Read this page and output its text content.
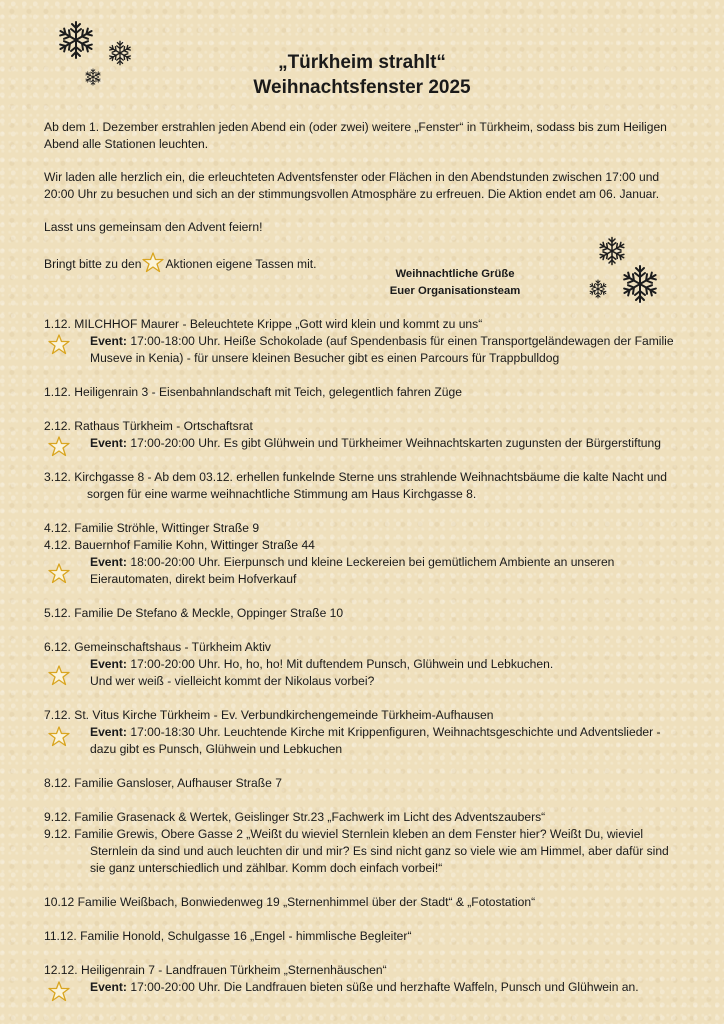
„Türkheim strahlt“
Weihnachtsfenster 2025

Ab dem 1. Dezember erstrahlen jeden Abend ein (oder zwei) weitere „Fenster“ in Türkheim, sodass bis zum Heiligen Abend alle Stationen leuchten.

Wir laden alle herzlich ein, die erleuchteten Adventsfenster oder Flächen in den Abendstunden zwischen 17:00 und 20:00 Uhr zu besuchen und sich an der stimmungsvollen Atmosphäre zu erfreuen. Die Aktion endet am 06. Januar.

Lasst uns gemeinsam den Advent feiern!

Bringt bitte zu den Aktionen eigene Tassen mit.

Weihnachtliche Grüße
Euer Organisationsteam
1.12. MILCHHOF Maurer - Beleuchtete Krippe „Gott wird klein und kommt zu uns“
Event: 17:00-18:00 Uhr. Heiße Schokolade (auf Spendenbasis für einen Transportgeländewagen der Familie Museve in Kenia) - für unsere kleinen Besucher gibt es einen Parcours für Trappbulldog
1.12. Heiligenrain 3 - Eisenbahnlandschaft mit Teich, gelegentlich fahren Züge
2.12. Rathaus Türkheim - Ortschaftsrat
Event: 17:00-20:00 Uhr. Es gibt Glühwein und Türkheimer Weihnachtskarten zugunsten der Bürgerstiftung
3.12. Kirchgasse 8 - Ab dem 03.12. erhellen funkelnde Sterne uns strahlende Weihnachtsbäume die kalte Nacht und sorgen für eine warme weihnachtliche Stimmung am Haus Kirchgasse 8.
4.12. Familie Ströhle, Wittinger Straße 9
4.12. Bauernhof Familie Kohn, Wittinger Straße 44
Event: 18:00-20:00 Uhr. Eierpunsch und kleine Leckereien bei gemütlichem Ambiente an unseren Eierautomaten, direkt beim Hofverkauf
5.12. Familie De Stefano & Meckle, Oppinger Straße 10
6.12. Gemeinschaftshaus - Türkheim Aktiv
Event: 17:00-20:00 Uhr. Ho, ho, ho! Mit duftendem Punsch, Glühwein und Lebkuchen.
Und wer weiß - vielleicht kommt der Nikolaus vorbei?
7.12. St. Vitus Kirche Türkheim - Ev. Verbundkirchengemeinde Türkheim-Aufhausen
Event: 17:00-18:30 Uhr. Leuchtende Kirche mit Krippenfiguren, Weihnachtsgeschichte und Adventslieder - dazu gibt es Punsch, Glühwein und Lebkuchen
8.12. Familie Gansloser, Aufhauser Straße 7
9.12. Familie Grasenack & Wertek, Geislinger Str.23 „Fachwerk im Licht des Adventszaubers“
9.12. Familie Grewis, Obere Gasse 2 „Weißt du wieviel Sternlein kleben an dem Fenster hier? Weißt Du, wieviel Sternlein da sind und auch leuchten dir und mir? Es sind nicht ganz so viele wie am Himmel, aber dafür sind sie ganz unterschiedlich und zählbar. Komm doch einfach vorbei!“
10.12 Familie Weißbach, Bonwiedenweg 19 „Sternenhimmel über der Stadt“ & „Fotostation“
11.12. Familie Honold, Schulgasse 16 „Engel - himmlische Begleiter“
12.12. Heiligenrain 7 - Landfrauen Türkheim „Sternenhäuschen“
Event: 17:00-20:00 Uhr. Die Landfrauen bieten süße und herzhafte Waffeln, Punsch und Glühwein an.
